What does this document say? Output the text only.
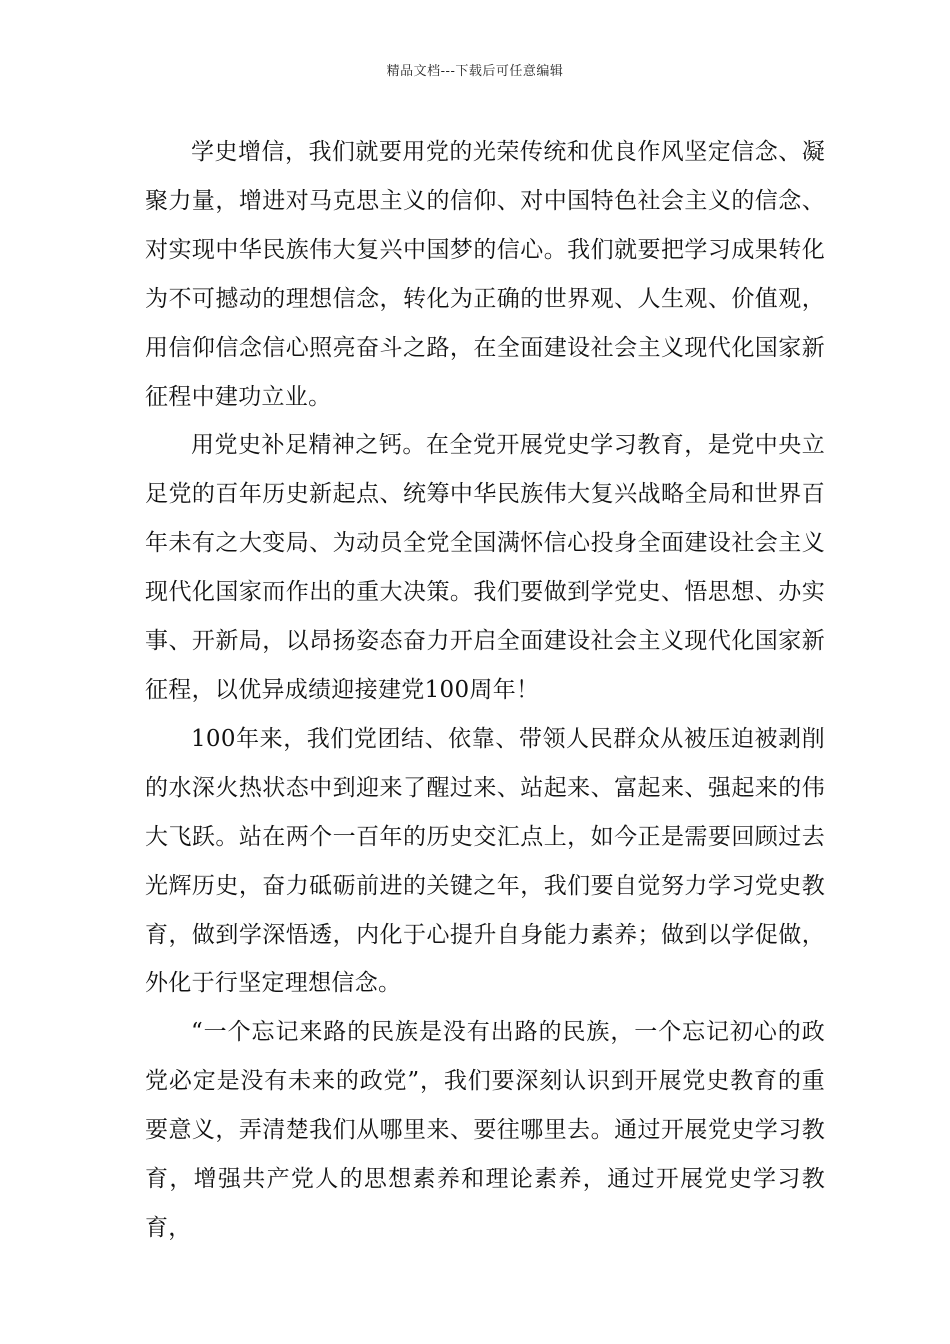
精品文档---下载后可任意编辑

学史增信，我们就要用党的光荣传统和优良作风坚定信念、凝聚力量，增进对马克思主义的信仰、对中国特色社会主义的信念、对实现中华民族伟大复兴中国梦的信心。我们就要把学习成果转化为不可撼动的理想信念，转化为正确的世界观、人生观、价值观，用信仰信念信心照亮奋斗之路，在全面建设社会主义现代化国家新征程中建功立业。

用党史补足精神之钙。在全党开展党史学习教育，是党中央立足党的百年历史新起点、统筹中华民族伟大复兴战略全局和世界百年未有之大变局、为动员全党全国满怀信心投身全面建设社会主义现代化国家而作出的重大决策。我们要做到学党史、悟思想、办实事、开新局，以昂扬姿态奋力开启全面建设社会主义现代化国家新征程，以优异成绩迎接建党100周年！

100年来，我们党团结、依靠、带领人民群众从被压迫被剥削的水深火热状态中到迎来了醒过来、站起来、富起来、强起来的伟大飞跃。站在两个一百年的历史交汇点上，如今正是需要回顾过去光辉历史，奋力砥砺前进的关键之年，我们要自觉努力学习党史教育，做到学深悟透，内化于心提升自身能力素养；做到以学促做，外化于行坚定理想信念。

“一个忘记来路的民族是没有出路的民族，一个忘记初心的政党必定是没有未来的政党”，我们要深刻认识到开展党史教育的重要意义，弄清楚我们从哪里来、要往哪里去。通过开展党史学习教育，增强共产党人的思想素养和理论素养，通过开展党史学习教育，
